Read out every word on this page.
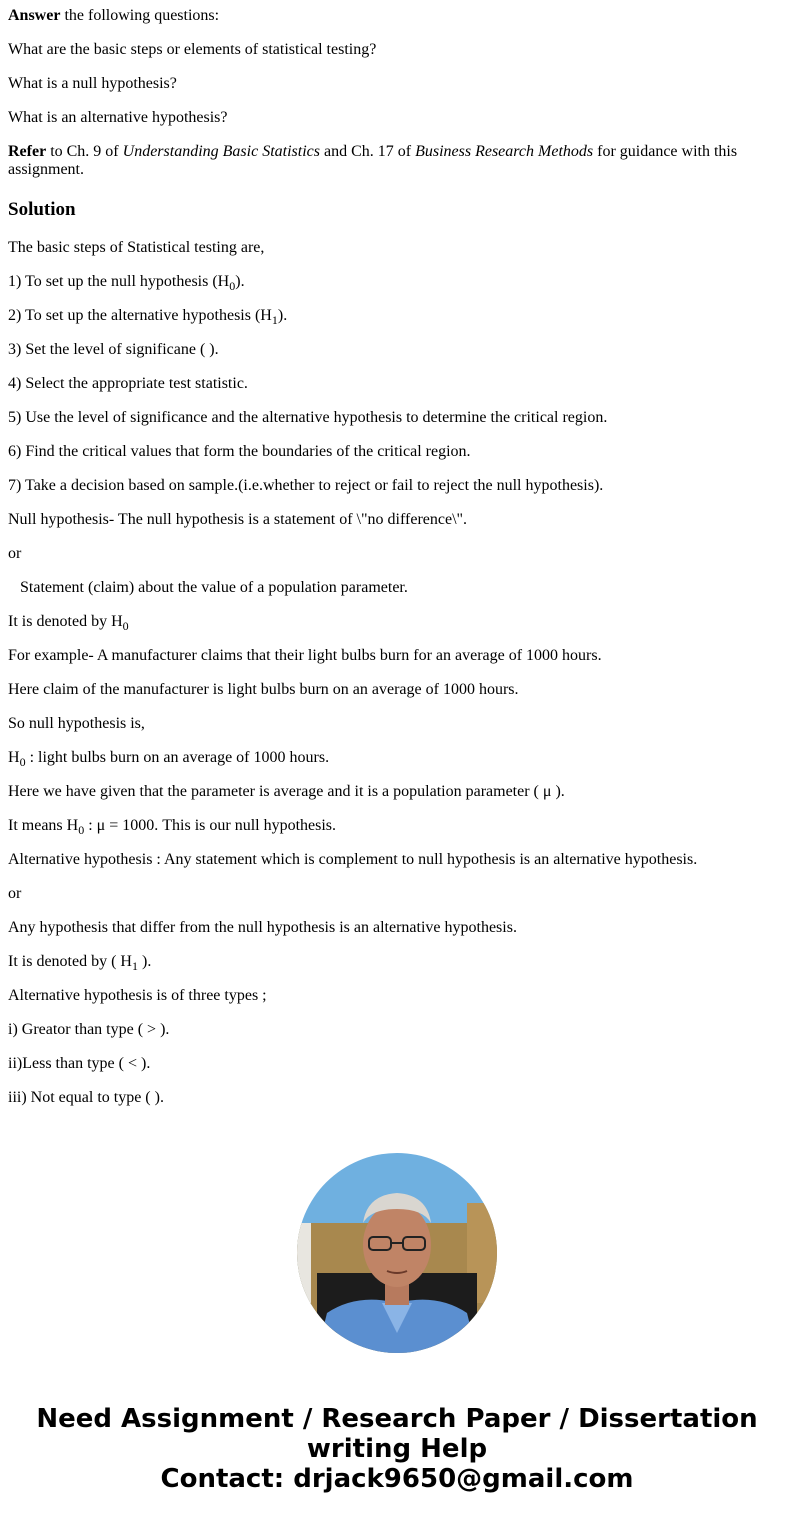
Answer the following questions:

What are the basic steps or elements of statistical testing?

What is a null hypothesis?

What is an alternative hypothesis?

Refer to Ch. 9 of Understanding Basic Statistics and Ch. 17 of Business Research Methods for guidance with this assignment.

Solution

The basic steps of Statistical testing are,

1) To set up the null hypothesis $(H_0)$.

2) To set up the alternative hypothesis $(H_1)$.

3) Set the level of significane ( ).

4) Select the appropriate test statistic.

5) Use the level of significance and the alternative hypothesis to determine the critical region.

6) Find the critical values that form the boundaries of the critical region.

7) Take a decision based on sample.(i.e.whether to reject or fail to reject the null hypothesis).

Null hypothesis- The null hypothesis is a statement of \"no difference\".

or

Statement (claim) about the value of a population parameter.

It is denoted by $H_0$

For example- A manufacturer claims that their light bulbs burn for an average of 1000 hours.

Here claim of the manufacturer is light bulbs burn on an average of 1000 hours.

So null hypothesis is,

$H_0$ : light bulbs burn on an average of 1000 hours.

Here we have given that the parameter is average and it is a population parameter ( μ ).

It means $H_0$ : μ = 1000. This is our null hypothesis.

Alternative hypothesis : Any statement which is complement to null hypothesis is an alternative hypothesis.

or

Any hypothesis that differ from the null hypothesis is an alternative hypothesis.

It is denoted by ( $H_1$ ).

Alternative hypothesis is of three types ;

i) Greator than type ( > ).

ii)Less than type ( < ).

iii) Not equal to type ( ).

Need Assignment / Research Paper / Dissertation
writing Help
Contact: drjack9650@gmail.com
